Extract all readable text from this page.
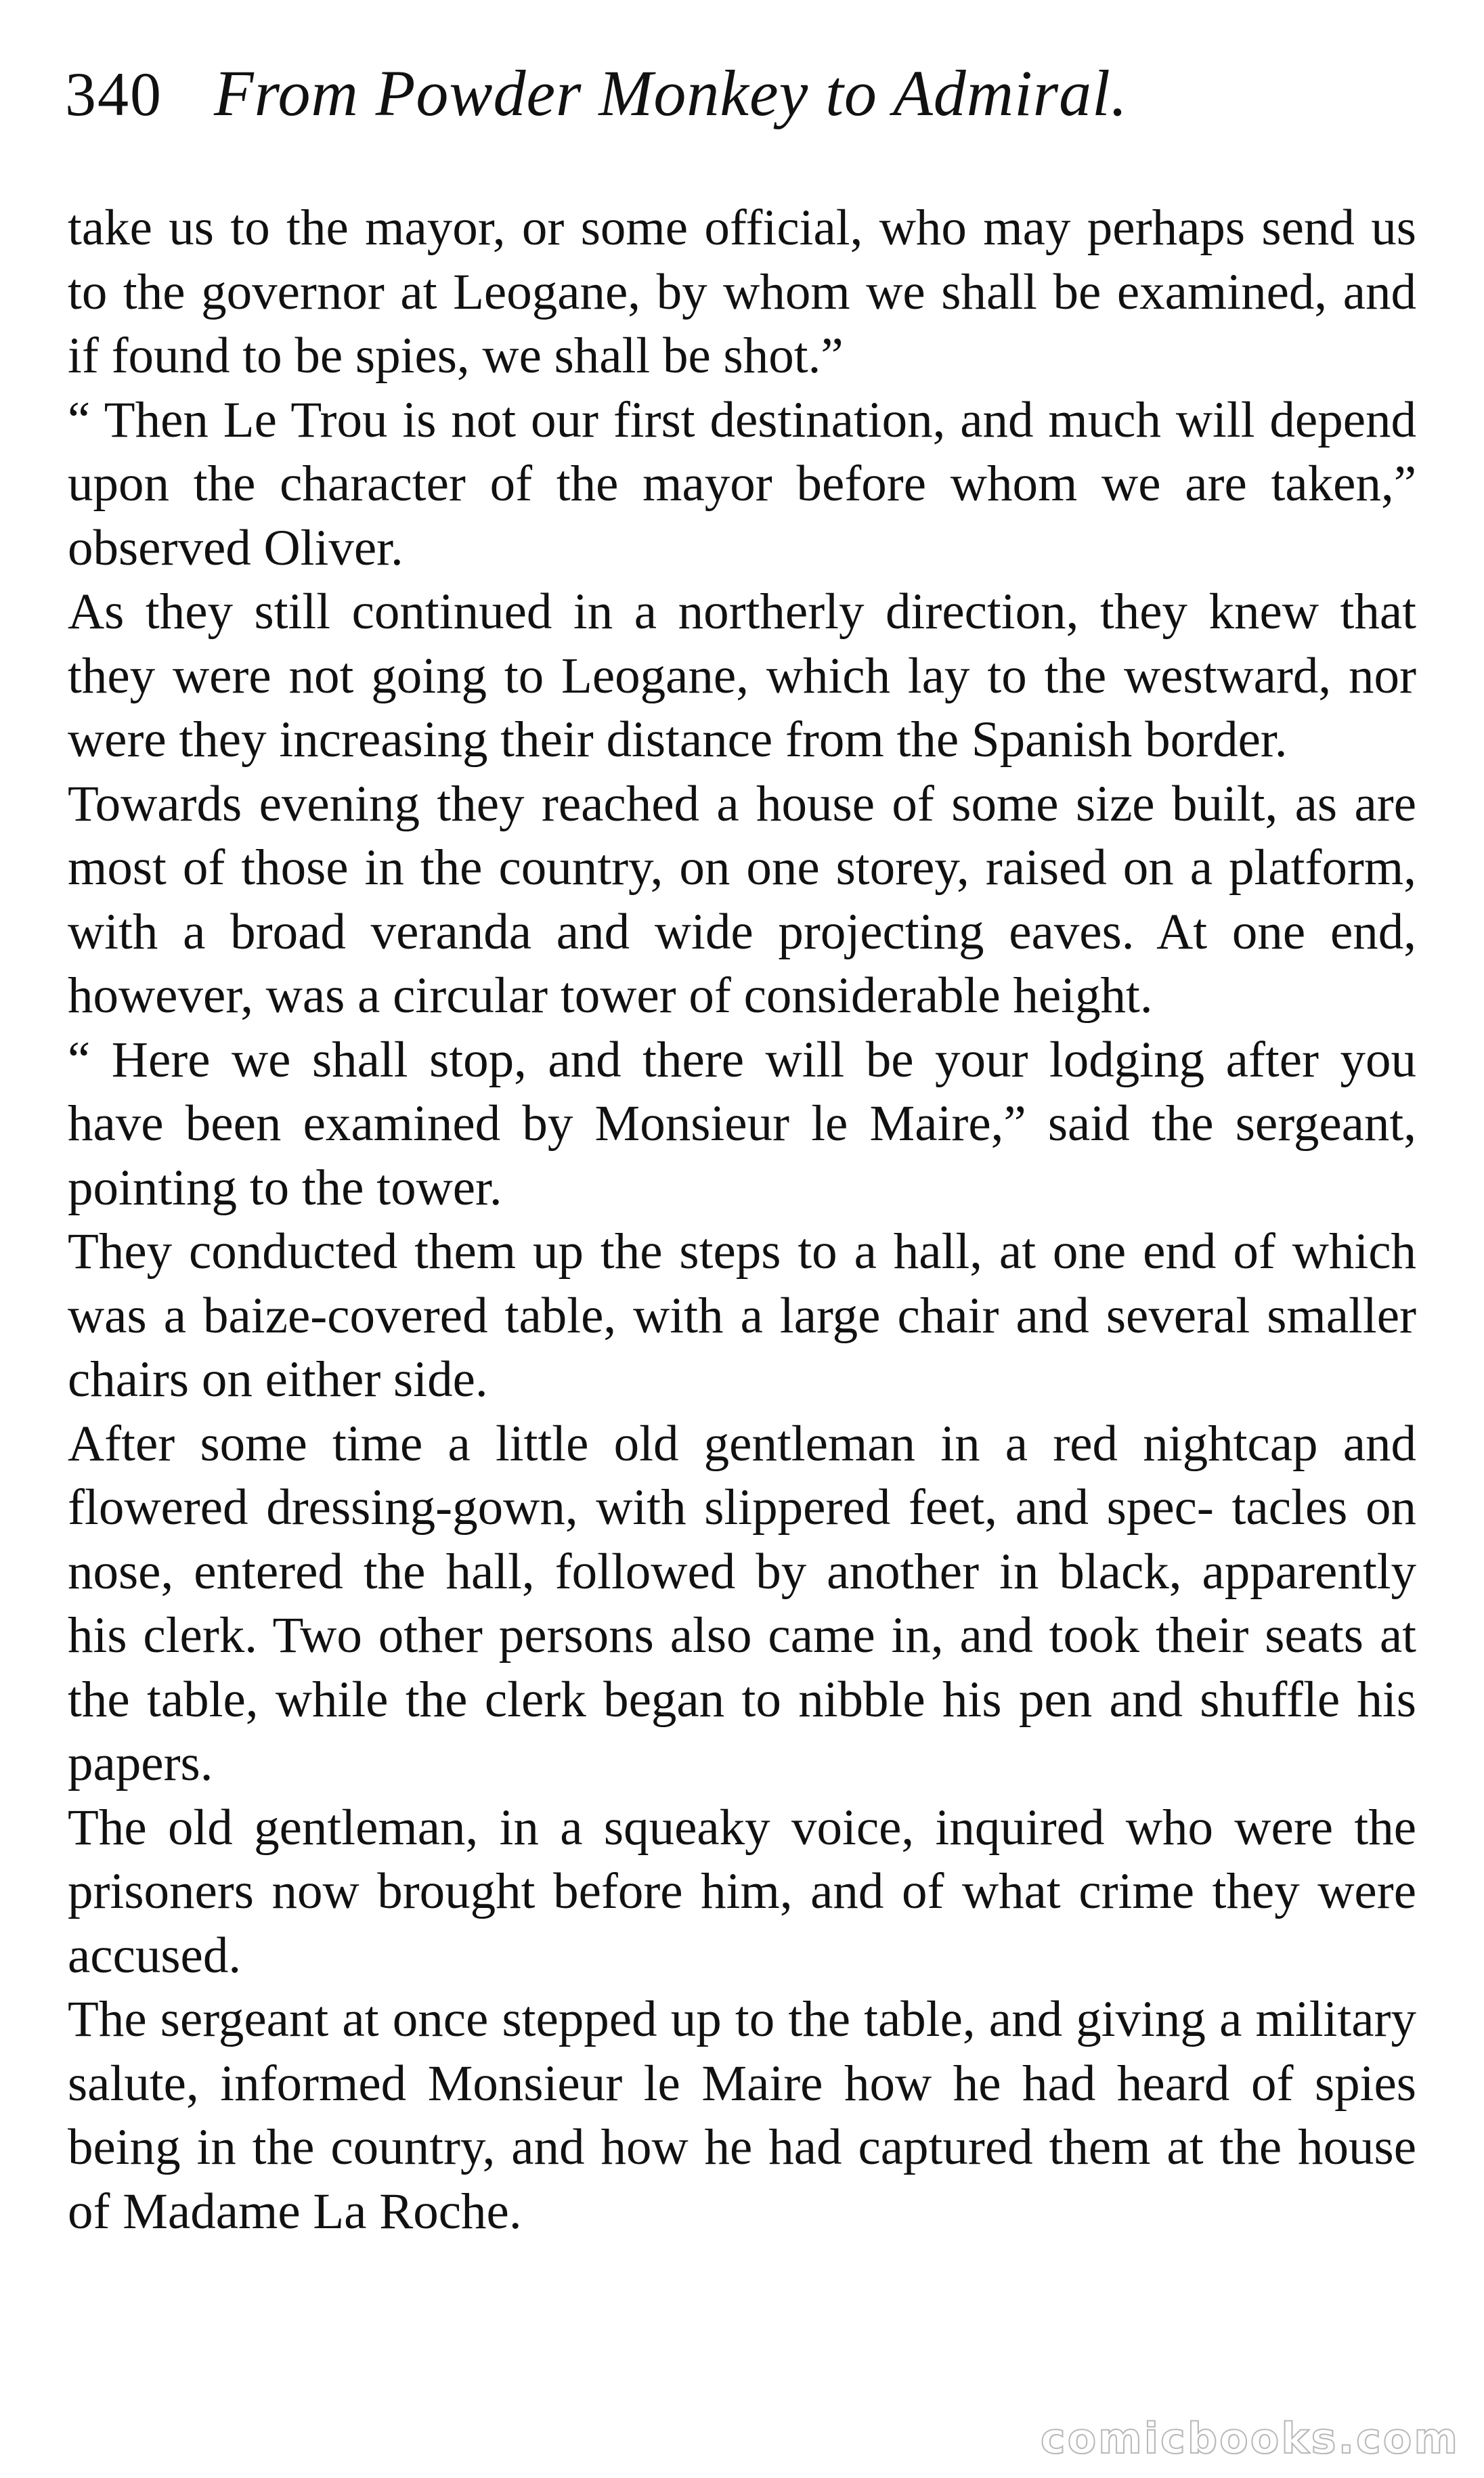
340 From Powder Monkey to Admiral.

take us to the mayor, or some official, who may perhaps send us to the governor at Leogane, by whom we shall be examined, and if found to be spies, we shall be shot.”

“ Then Le Trou is not our first destination, and much will depend upon the character of the mayor before whom we are taken,” observed Oliver.

As they still continued in a northerly direction, they knew that they were not going to Leogane, which lay to the westward, nor were they increasing their distance from the Spanish border.

Towards evening they reached a house of some size built, as are most of those in the country, on one storey, raised on a platform, with a broad veranda and wide projecting eaves. At one end, however, was a circular tower of considerable height.

“ Here we shall stop, and there will be your lodging after you have been examined by Monsieur le Maire,” said the sergeant, pointing to the tower.

They conducted them up the steps to a hall, at one end of which was a baize-covered table, with a large chair and several smaller chairs on either side.

After some time a little old gentleman in a red nightcap and flowered dressing-gown, with slippered feet, and spec- tacles on nose, entered the hall, followed by another in black, apparently his clerk. Two other persons also came in, and took their seats at the table, while the clerk began to nibble his pen and shuffle his papers.

The old gentleman, in a squeaky voice, inquired who were the prisoners now brought before him, and of what crime they were accused.

The sergeant at once stepped up to the table, and giving a military salute, informed Monsieur le Maire how he had heard of spies being in the country, and how he had captured them at the house of Madame La Roche.

comicbooks.com
